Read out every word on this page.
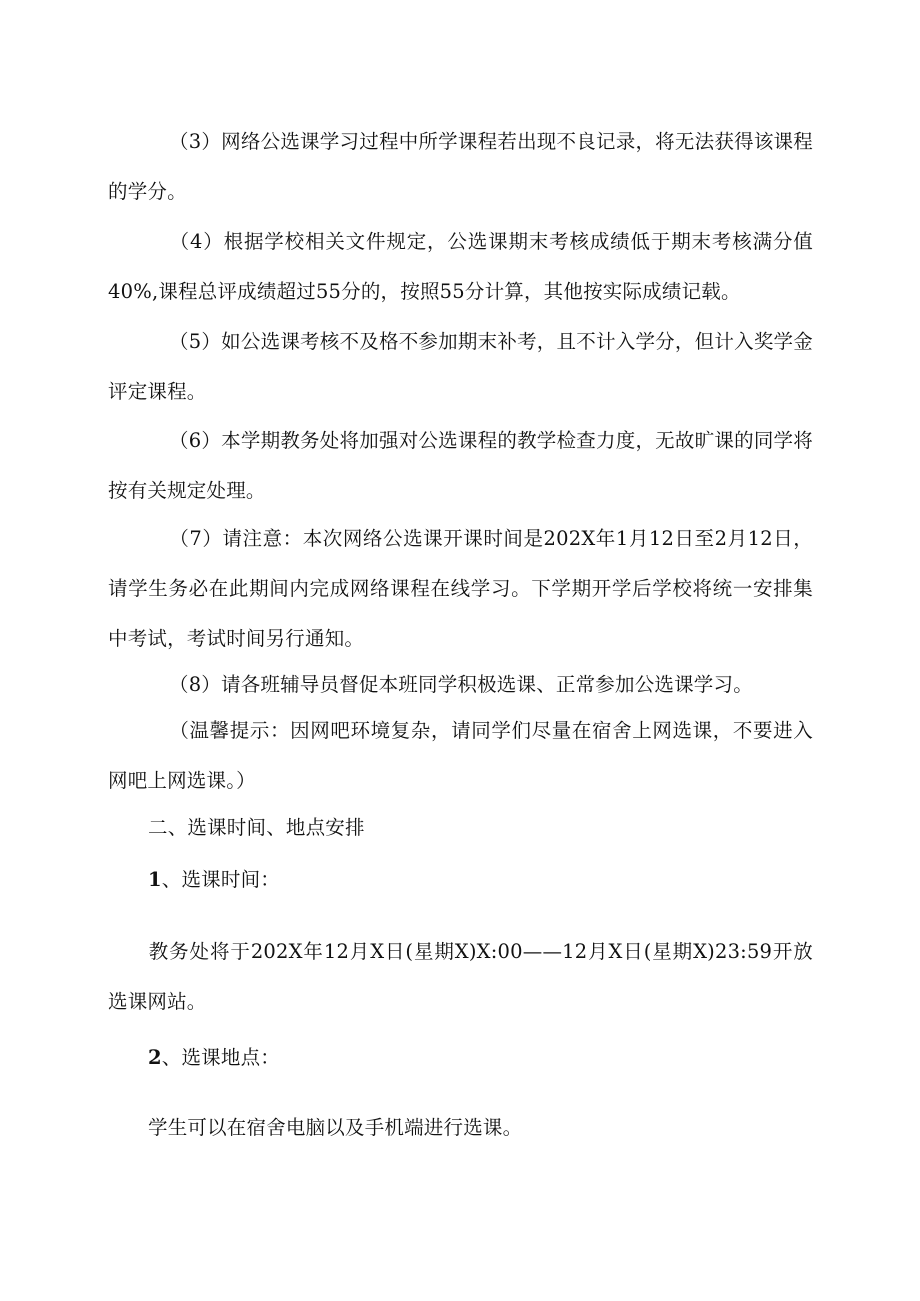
（3）网络公选课学习过程中所学课程若出现不良记录，将无法获得该课程的学分。

（4）根据学校相关文件规定，公选课期末考核成绩低于期末考核满分值40%,课程总评成绩超过55分的，按照55分计算，其他按实际成绩记载。

（5）如公选课考核不及格不参加期末补考，且不计入学分，但计入奖学金评定课程。

（6）本学期教务处将加强对公选课程的教学检查力度，无故旷课的同学将按有关规定处理。

（7）请注意：本次网络公选课开课时间是202X年1月12日至2月12日，请学生务必在此期间内完成网络课程在线学习。下学期开学后学校将统一安排集中考试，考试时间另行通知。

（8）请各班辅导员督促本班同学积极选课、正常参加公选课学习。

（温馨提示：因网吧环境复杂，请同学们尽量在宿舍上网选课，不要进入网吧上网选课。）

二、选课时间、地点安排

1、选课时间：

教务处将于202X年12月X日(星期X)X:00——12月X日(星期X)23:59开放选课网站。

2、选课地点：

学生可以在宿舍电脑以及手机端进行选课。
